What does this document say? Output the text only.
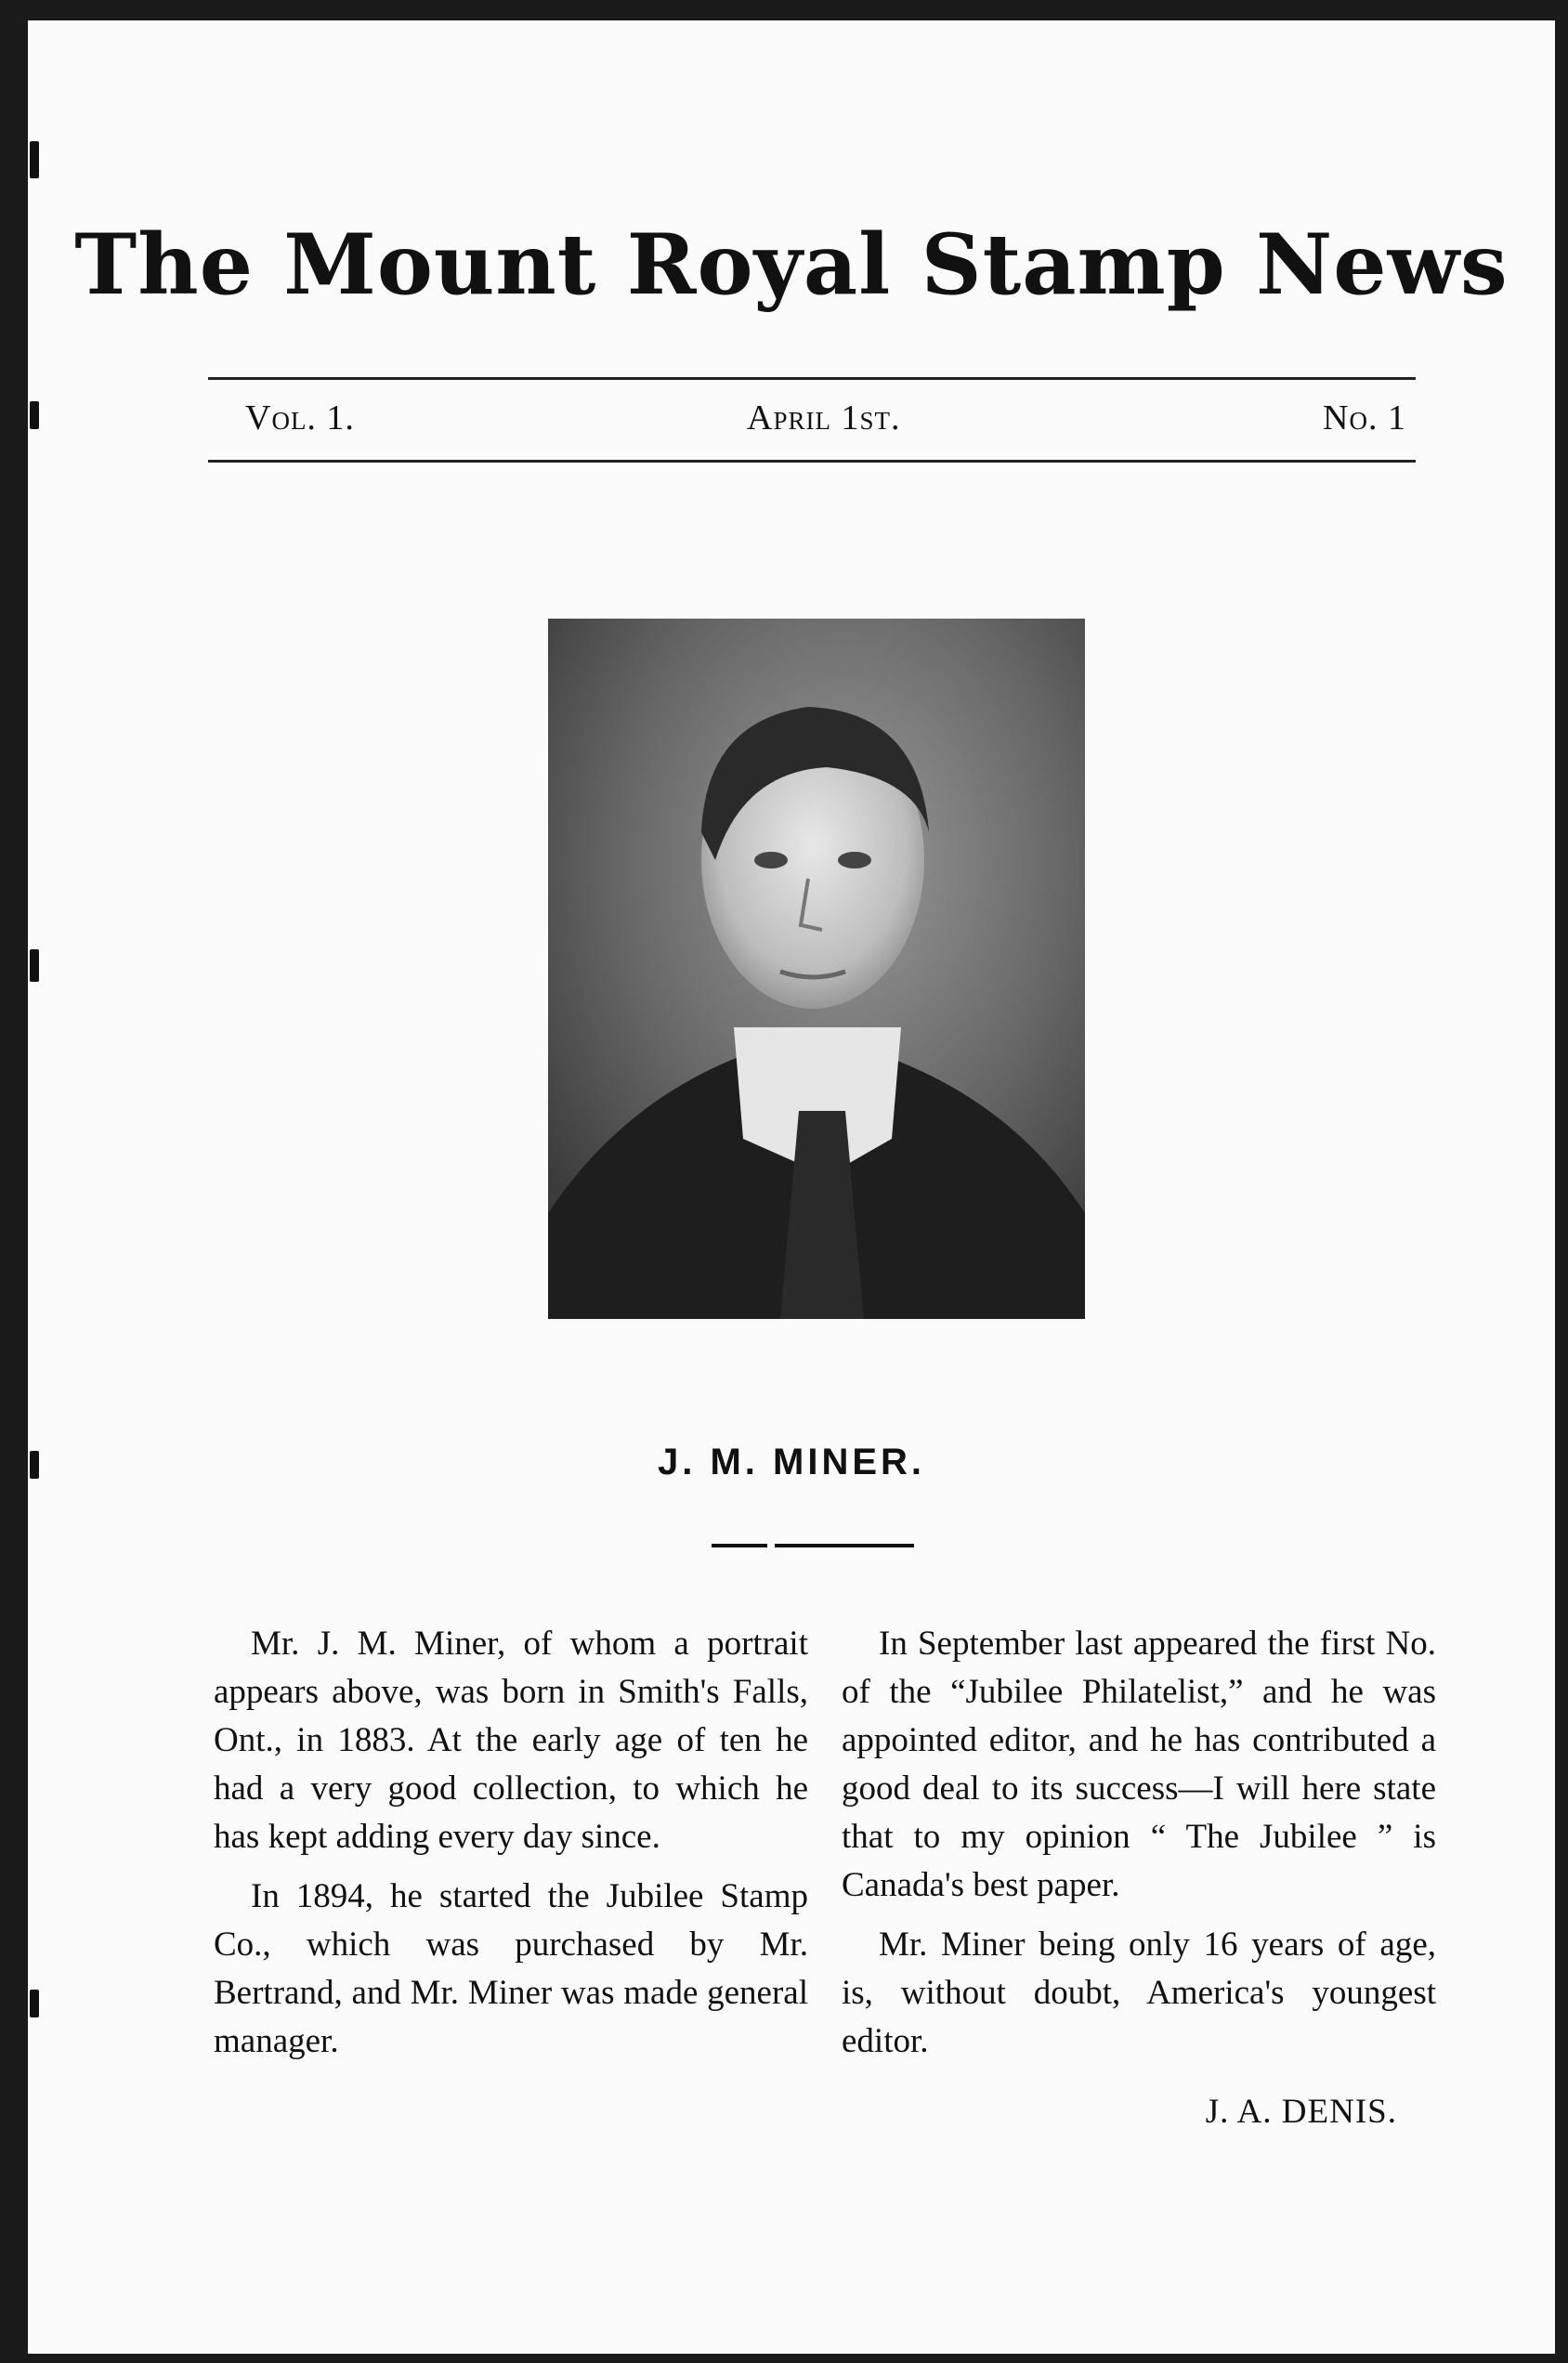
The Mount Royal Stamp News
Vol. 1.	April 1st.	No. 1
J. M. MINER.

Mr. J. M. Miner, of whom a portrait appears above, was born in Smith's Falls, Ont., in 1883. At the early age of ten he had a very good collection, to which he has kept adding every day since.

In 1894, he started the Jubilee Stamp Co., which was purchased by Mr. Bertrand, and Mr. Miner was made general manager.

In September last appeared the first No. of the “Jubilee Philatelist,” and he was appointed editor, and he has contributed a good deal to its success—I will here state that to my opinion “ The Jubilee ” is Canada's best paper.

Mr. Miner being only 16 years of age, is, without doubt, America's youngest editor.

J. A. DENIS.
